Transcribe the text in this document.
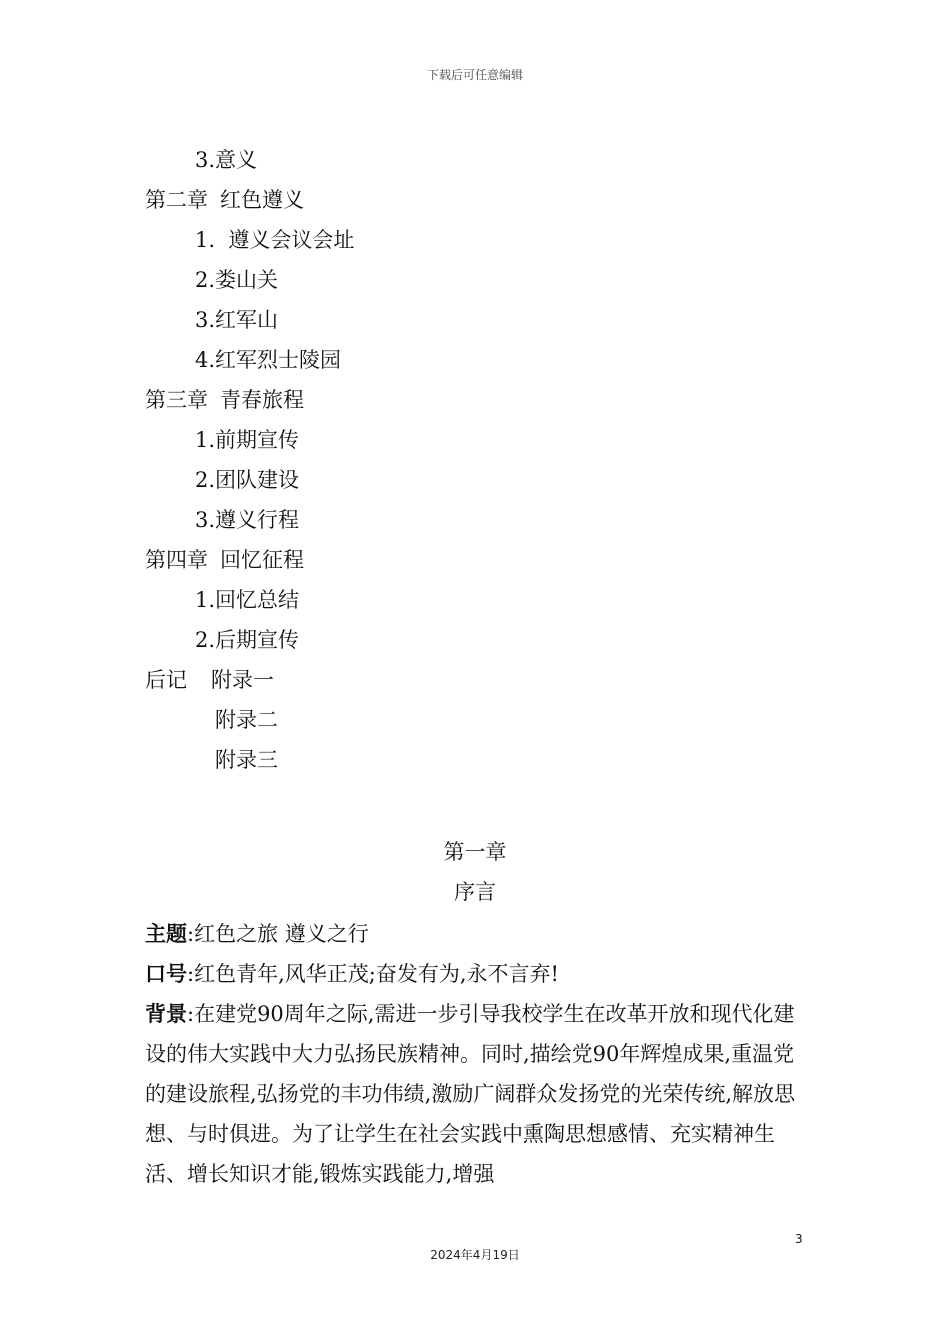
下载后可任意编辑
3.意义
第二章 红色遵义
1.  遵义会议会址
2.娄山关
3.红军山
4.红军烈士陵园
第三章 青春旅程
1.前期宣传
2.团队建设
3.遵义行程
第四章 回忆征程
1.回忆总结
2.后期宣传
后记 附录一
附录二
附录三
第一章
序言

主题:红色之旅 遵义之行

口号:红色青年,风华正茂;奋发有为,永不言弃!

背景:在建党90周年之际,需进一步引导我校学生在改革开放和现代化建设的伟大实践中大力弘扬民族精神。同时,描绘党90年辉煌成果,重温党的建设旅程,弘扬党的丰功伟绩,激励广阔群众发扬党的光荣传统,解放思想、与时俱进。为了让学生在社会实践中熏陶思想感情、充实精神生活、增长知识才能,锻炼实践能力,增强

3
2024年4月19日
